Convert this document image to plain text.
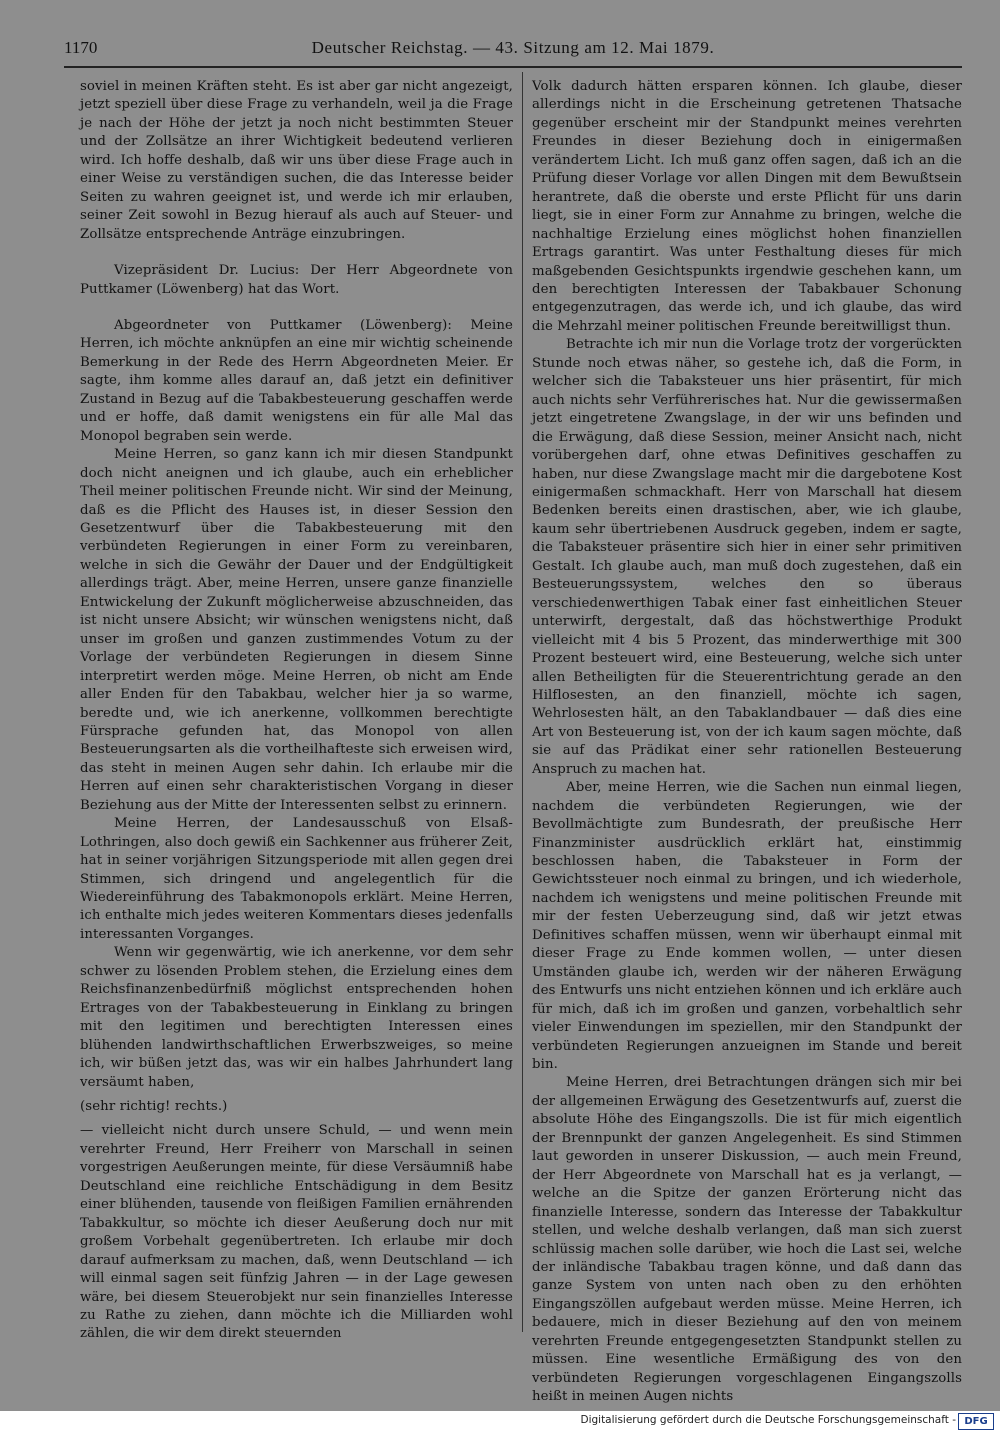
1170	Deutscher Reichstag. — 43. Sitzung am 12. Mai 1879.

soviel in meinen Kräften steht. Es ist aber gar nicht angezeigt, jetzt speziell über diese Frage zu verhandeln, weil ja die Frage je nach der Höhe der jetzt ja noch nicht bestimmten Steuer und der Zollsätze an ihrer Wichtigkeit bedeutend verlieren wird. Ich hoffe deshalb, daß wir uns über diese Frage auch in einer Weise zu verständigen suchen, die das Interesse beider Seiten zu wahren geeignet ist, und werde ich mir erlauben, seiner Zeit sowohl in Bezug hierauf als auch auf Steuer- und Zollsätze entsprechende Anträge einzubringen.

Vizepräsident Dr. Lucius: Der Herr Abgeordnete von Puttkamer (Löwenberg) hat das Wort.

Abgeordneter von Puttkamer (Löwenberg): Meine Herren, ich möchte anknüpfen an eine mir wichtig scheinende Bemerkung in der Rede des Herrn Abgeordneten Meier. Er sagte, ihm komme alles darauf an, daß jetzt ein definitiver Zustand in Bezug auf die Tabakbesteuerung geschaffen werde und er hoffe, daß damit wenigstens ein für alle Mal das Monopol begraben sein werde.

Meine Herren, so ganz kann ich mir diesen Standpunkt doch nicht aneignen und ich glaube, auch ein erheblicher Theil meiner politischen Freunde nicht. Wir sind der Meinung, daß es die Pflicht des Hauses ist, in dieser Session den Gesetzentwurf über die Tabakbesteuerung mit den verbündeten Regierungen in einer Form zu vereinbaren, welche in sich die Gewähr der Dauer und der Endgültigkeit allerdings trägt. Aber, meine Herren, unsere ganze finanzielle Entwickelung der Zukunft möglicherweise abzuschneiden, das ist nicht unsere Absicht; wir wünschen wenigstens nicht, daß unser im großen und ganzen zustimmendes Votum zu der Vorlage der verbündeten Regierungen in diesem Sinne interpretirt werden möge. Meine Herren, ob nicht am Ende aller Enden für den Tabakbau, welcher hier ja so warme, beredte und, wie ich anerkenne, vollkommen berechtigte Fürsprache gefunden hat, das Monopol von allen Besteuerungsarten als die vortheilhafteste sich erweisen wird, das steht in meinen Augen sehr dahin. Ich erlaube mir die Herren auf einen sehr charakteristischen Vorgang in dieser Beziehung aus der Mitte der Interessenten selbst zu erinnern.

Meine Herren, der Landesausschuß von Elsaß-Lothringen, also doch gewiß ein Sachkenner aus früherer Zeit, hat in seiner vorjährigen Sitzungsperiode mit allen gegen drei Stimmen, sich dringend und angelegentlich für die Wiedereinführung des Tabakmonopols erklärt. Meine Herren, ich enthalte mich jedes weiteren Kommentars dieses jedenfalls interessanten Vorganges.

Wenn wir gegenwärtig, wie ich anerkenne, vor dem sehr schwer zu lösenden Problem stehen, die Erzielung eines dem Reichsfinanzenbedürfniß möglichst entsprechenden hohen Ertrages von der Tabakbesteuerung in Einklang zu bringen mit den legitimen und berechtigten Interessen eines blühenden landwirthschaftlichen Erwerbszweiges, so meine ich, wir büßen jetzt das, was wir ein halbes Jahrhundert lang versäumt haben,

(sehr richtig! rechts.)

— vielleicht nicht durch unsere Schuld, — und wenn mein verehrter Freund, Herr Freiherr von Marschall in seinen vorgestrigen Aeußerungen meinte, für diese Versäumniß habe Deutschland eine reichliche Entschädigung in dem Besitz einer blühenden, tausende von fleißigen Familien ernährenden Tabakkultur, so möchte ich dieser Aeußerung doch nur mit großem Vorbehalt gegenübertreten. Ich erlaube mir doch darauf aufmerksam zu machen, daß, wenn Deutschland — ich will einmal sagen seit fünfzig Jahren — in der Lage gewesen wäre, bei diesem Steuerobjekt nur sein finanzielles Interesse zu Rathe zu ziehen, dann möchte ich die Milliarden wohl zählen, die wir dem direkt steuernden

Volk dadurch hätten ersparen können. Ich glaube, dieser allerdings nicht in die Erscheinung getretenen Thatsache gegenüber erscheint mir der Standpunkt meines verehrten Freundes in dieser Beziehung doch in einigermaßen verändertem Licht. Ich muß ganz offen sagen, daß ich an die Prüfung dieser Vorlage vor allen Dingen mit dem Bewußtsein herantrete, daß die oberste und erste Pflicht für uns darin liegt, sie in einer Form zur Annahme zu bringen, welche die nachhaltige Erzielung eines möglichst hohen finanziellen Ertrags garantirt. Was unter Festhaltung dieses für mich maßgebenden Gesichtspunkts irgendwie geschehen kann, um den berechtigten Interessen der Tabakbauer Schonung entgegenzutragen, das werde ich, und ich glaube, das wird die Mehrzahl meiner politischen Freunde bereitwilligst thun.

Betrachte ich mir nun die Vorlage trotz der vorgerückten Stunde noch etwas näher, so gestehe ich, daß die Form, in welcher sich die Tabaksteuer uns hier präsentirt, für mich auch nichts sehr Verführerisches hat. Nur die gewissermaßen jetzt eingetretene Zwangslage, in der wir uns befinden und die Erwägung, daß diese Session, meiner Ansicht nach, nicht vorübergehen darf, ohne etwas Definitives geschaffen zu haben, nur diese Zwangslage macht mir die dargebotene Kost einigermaßen schmackhaft. Herr von Marschall hat diesem Bedenken bereits einen drastischen, aber, wie ich glaube, kaum sehr übertriebenen Ausdruck gegeben, indem er sagte, die Tabaksteuer präsentire sich hier in einer sehr primitiven Gestalt. Ich glaube auch, man muß doch zugestehen, daß ein Besteuerungssystem, welches den so überaus verschiedenwerthigen Tabak einer fast einheitlichen Steuer unterwirft, dergestalt, daß das höchstwerthige Produkt vielleicht mit 4 bis 5 Prozent, das minderwerthige mit 300 Prozent besteuert wird, eine Besteuerung, welche sich unter allen Betheiligten für die Steuerentrichtung gerade an den Hilflosesten, an den finanziell, möchte ich sagen, Wehrlosesten hält, an den Tabaklandbauer — daß dies eine Art von Besteuerung ist, von der ich kaum sagen möchte, daß sie auf das Prädikat einer sehr rationellen Besteuerung Anspruch zu machen hat.

Aber, meine Herren, wie die Sachen nun einmal liegen, nachdem die verbündeten Regierungen, wie der Bevollmächtigte zum Bundesrath, der preußische Herr Finanzminister ausdrücklich erklärt hat, einstimmig beschlossen haben, die Tabaksteuer in Form der Gewichtssteuer noch einmal zu bringen, und ich wiederhole, nachdem ich wenigstens und meine politischen Freunde mit mir der festen Ueberzeugung sind, daß wir jetzt etwas Definitives schaffen müssen, wenn wir überhaupt einmal mit dieser Frage zu Ende kommen wollen, — unter diesen Umständen glaube ich, werden wir der näheren Erwägung des Entwurfs uns nicht entziehen können und ich erkläre auch für mich, daß ich im großen und ganzen, vorbehaltlich sehr vieler Einwendungen im speziellen, mir den Standpunkt der verbündeten Regierungen anzueignen im Stande und bereit bin.

Meine Herren, drei Betrachtungen drängen sich mir bei der allgemeinen Erwägung des Gesetzentwurfs auf, zuerst die absolute Höhe des Eingangszolls. Die ist für mich eigentlich der Brennpunkt der ganzen Angelegenheit. Es sind Stimmen laut geworden in unserer Diskussion, — auch mein Freund, der Herr Abgeordnete von Marschall hat es ja verlangt, — welche an die Spitze der ganzen Erörterung nicht das finanzielle Interesse, sondern das Interesse der Tabakkultur stellen, und welche deshalb verlangen, daß man sich zuerst schlüssig machen solle darüber, wie hoch die Last sei, welche der inländische Tabakbau tragen könne, und daß dann das ganze System von unten nach oben zu den erhöhten Eingangszöllen aufgebaut werden müsse. Meine Herren, ich bedauere, mich in dieser Beziehung auf den von meinem verehrten Freunde entgegengesetzten Standpunkt stellen zu müssen. Eine wesentliche Ermäßigung des von den verbündeten Regierungen vorgeschlagenen Eingangszolls heißt in meinen Augen nichts

Digitalisierung gefördert durch die Deutsche Forschungsgemeinschaft - DFG
